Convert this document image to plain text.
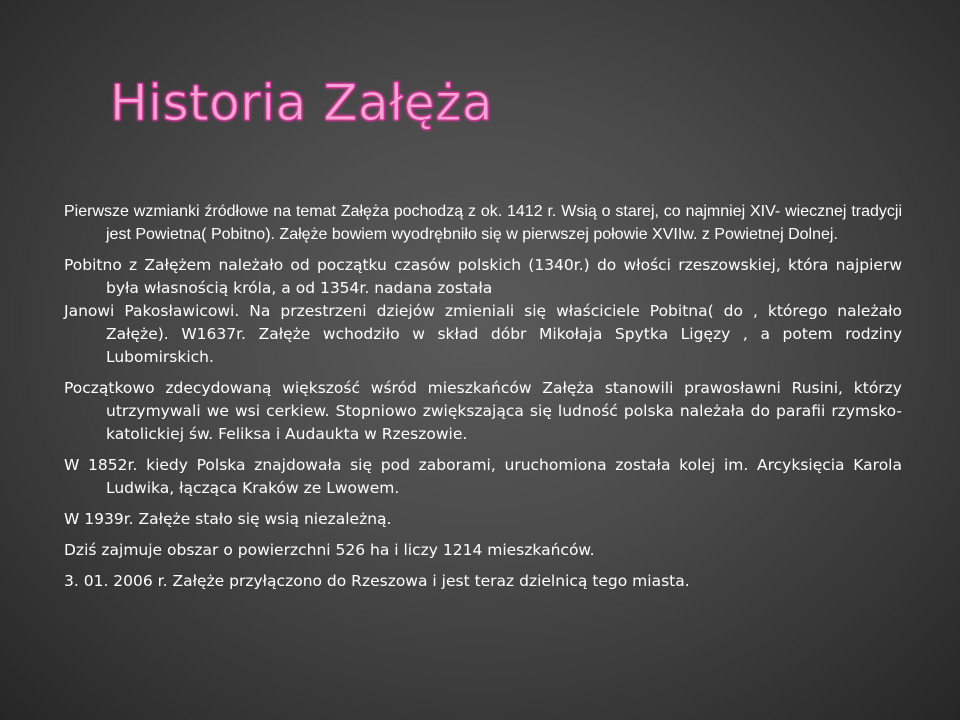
Historia Załęża

Pierwsze wzmianki źródłowe na temat Załęża pochodzą z ok. 1412 r. Wsią o starej, co najmniej XIV- wiecznej tradycji jest Powietna( Pobitno). Załęże bowiem wyodrębniło się w pierwszej połowie XVIIw. z Powietnej Dolnej.

Pobitno z Załężem należało od początku czasów polskich (1340r.) do włości rzeszowskiej, która najpierw była własnością króla, a od 1354r. nadana została

Janowi Pakosławicowi. Na przestrzeni dziejów zmieniali się właściciele Pobitna( do , którego należało Załęże). W1637r. Załęże wchodziło w skład dóbr Mikołaja Spytka Ligęzy , a potem rodziny Lubomirskich.

Początkowo zdecydowaną większość wśród mieszkańców Załęża stanowili prawosławni Rusini, którzy utrzymywali we wsi cerkiew. Stopniowo zwiększająca się ludność polska należała do parafii rzymsko-katolickiej św. Feliksa i Audaukta w Rzeszowie.

W 1852r. kiedy Polska znajdowała się pod zaborami, uruchomiona została kolej im. Arcyksięcia Karola Ludwika, łącząca Kraków ze Lwowem.

W 1939r. Załęże stało się wsią niezależną.

Dziś zajmuje obszar o powierzchni 526 ha i liczy 1214 mieszkańców.

3. 01. 2006 r. Załęże przyłączono do Rzeszowa i jest teraz dzielnicą tego miasta.
